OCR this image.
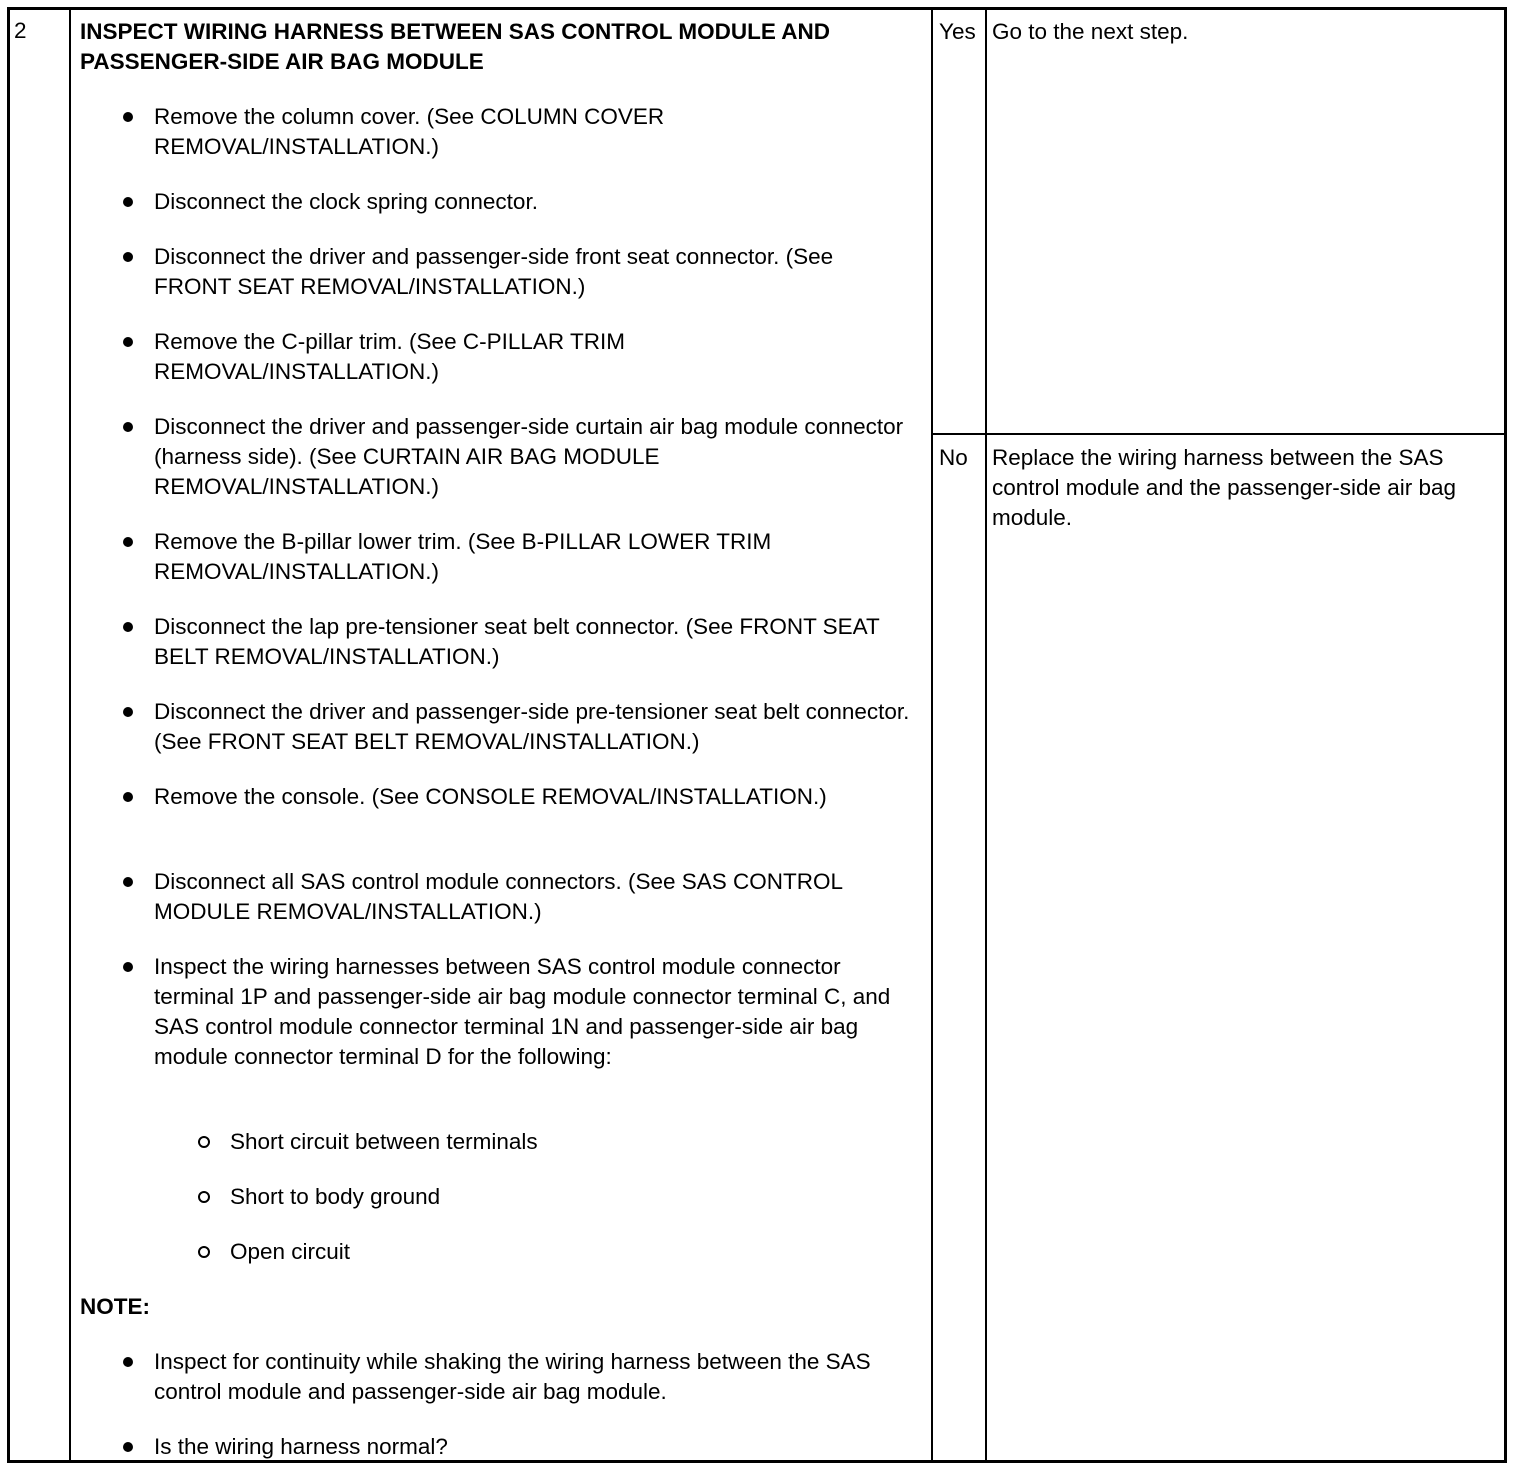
2 INSPECT WIRING HARNESS BETWEEN SAS CONTROL MODULE AND PASSENGER-SIDE AIR BAG MODULE
Yes Go to the next step.
No Replace the wiring harness between the SAS control module and the passenger-side air bag module.
Remove the column cover. (See COLUMN COVER REMOVAL/INSTALLATION.)
Disconnect the clock spring connector.
Disconnect the driver and passenger-side front seat connector. (See FRONT SEAT REMOVAL/INSTALLATION.)
Remove the C-pillar trim. (See C-PILLAR TRIM REMOVAL/INSTALLATION.)
Disconnect the driver and passenger-side curtain air bag module connector (harness side). (See CURTAIN AIR BAG MODULE REMOVAL/INSTALLATION.)
Remove the B-pillar lower trim. (See B-PILLAR LOWER TRIM REMOVAL/INSTALLATION.)
Disconnect the lap pre-tensioner seat belt connector. (See FRONT SEAT BELT REMOVAL/INSTALLATION.)
Disconnect the driver and passenger-side pre-tensioner seat belt connector. (See FRONT SEAT BELT REMOVAL/INSTALLATION.)
Remove the console. (See CONSOLE REMOVAL/INSTALLATION.)
Disconnect all SAS control module connectors. (See SAS CONTROL MODULE REMOVAL/INSTALLATION.)
Inspect the wiring harnesses between SAS control module connector terminal 1P and passenger-side air bag module connector terminal C, and SAS control module connector terminal 1N and passenger-side air bag module connector terminal D for the following:
Short circuit between terminals
Short to body ground
Open circuit
NOTE:
Inspect for continuity while shaking the wiring harness between the SAS control module and passenger-side air bag module.
Is the wiring harness normal?
